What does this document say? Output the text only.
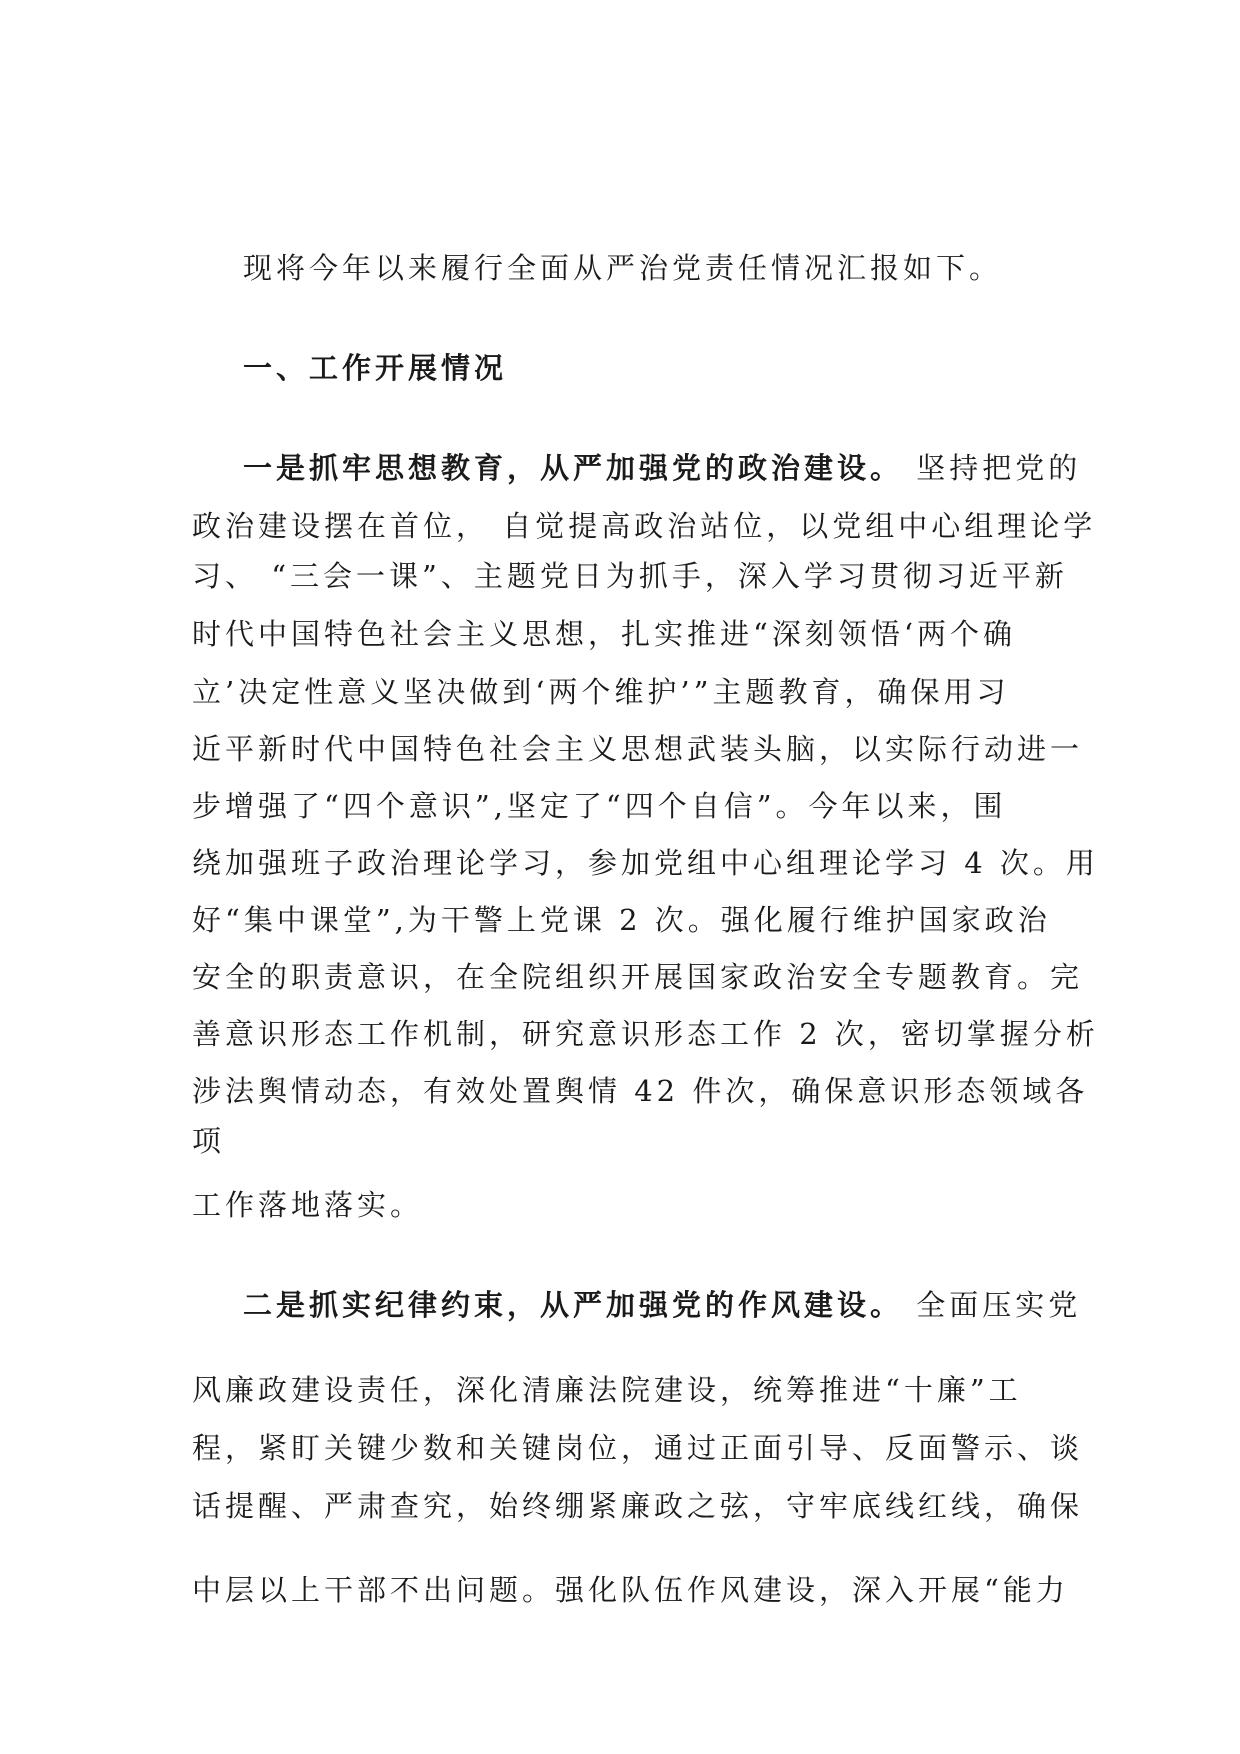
现将今年以来履行全面从严治党责任情况汇报如下。
一、工作开展情况
一是抓牢思想教育，从严加强党的政治建设。 坚持把党的
政治建设摆在首位， 自觉提高政治站位，以党组中心组理论学
习、 “三会一课”、主题党日为抓手，深入学习贯彻习近平新
时代中国特色社会主义思想，扎实推进“深刻领悟‘两个确
立’决定性意义坚决做到‘两个维护’”主题教育，确保用习
近平新时代中国特色社会主义思想武装头脑，以实际行动进一
步增强了“四个意识”,坚定了“四个自信”。今年以来，围
绕加强班子政治理论学习，参加党组中心组理论学习 4 次。用
好“集中课堂”,为干警上党课 2 次。强化履行维护国家政治
安全的职责意识，在全院组织开展国家政治安全专题教育。完
善意识形态工作机制，研究意识形态工作 2 次，密切掌握分析
涉法舆情动态，有效处置舆情 42 件次，确保意识形态领域各
项
工作落地落实。
二是抓实纪律约束，从严加强党的作风建设。 全面压实党
风廉政建设责任，深化清廉法院建设，统筹推进“十廉”工
程，紧盯关键少数和关键岗位，通过正面引导、反面警示、谈
话提醒、严肃查究，始终绷紧廉政之弦，守牢底线红线，确保
中层以上干部不出问题。强化队伍作风建设，深入开展“能力
